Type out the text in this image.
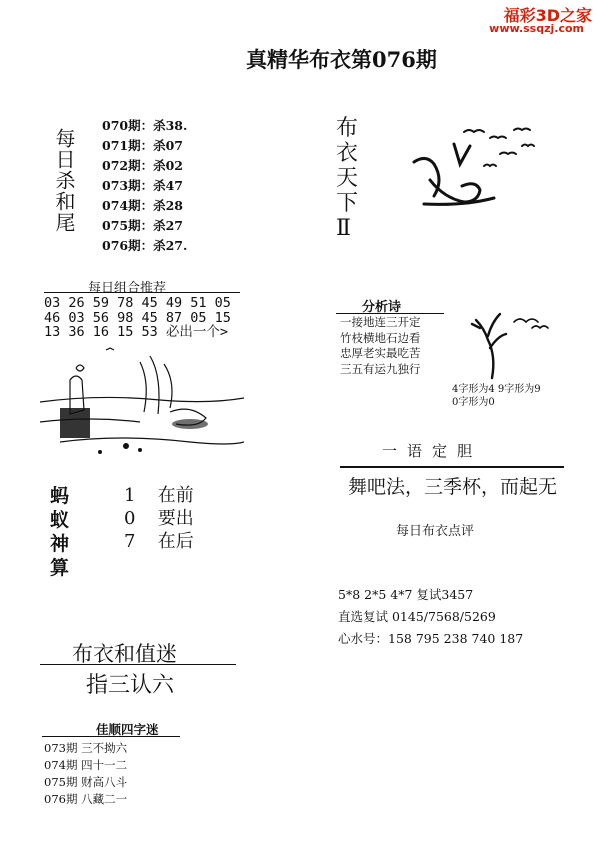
福彩3D之家
www.ssqzj.com
真精华布衣第076期
每日杀和尾
070期：杀38.
071期：杀07
072期：杀02
073期：杀47
074期：杀28
075期：杀27
076期：杀27.
布
衣
天
下
Ⅱ
每日组合推荐
03 26 59 78 45 49 51 05
46 03 56 98 45 87 05 15
13 36 16 15 53 必出一个>
分析诗
一接地连三开定
竹枝横地石边看
忠厚老实最吃苦
三五有运九独行
4字形为4 9字形为9
0字形为0
一语定胆
舞吧法，三季杯，而起无
每日布衣点评
5*8 2*5 4*7 复试3457
直选复试 0145/7568/5269
心水号：158 795 238 740 187
蚂
蚁
神
算
1 在前
0 要出
7 在后
布衣和值迷
指三认六
佳顺四字迷
073期 三不拗六
074期 四十一二
075期 财高八斗
076期 八藏二一
